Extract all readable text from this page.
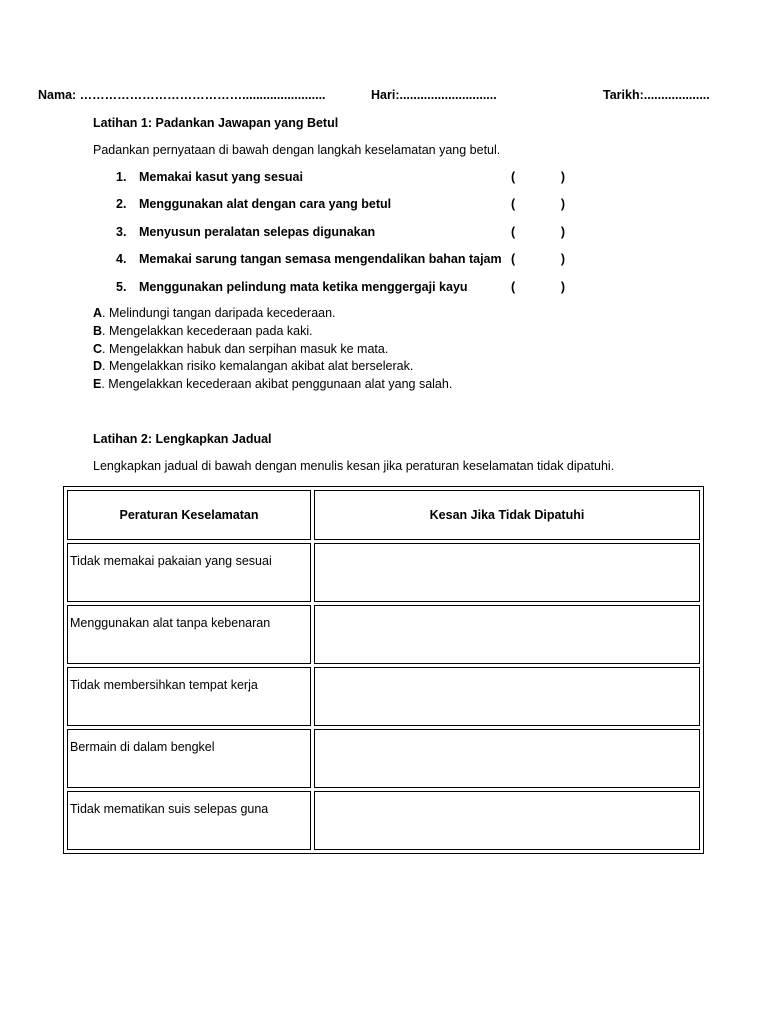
Nama: …………………………………........................	Hari:............................	Tarikh:...................
Latihan 1: Padankan Jawapan yang Betul
Padankan pernyataan di bawah dengan langkah keselamatan yang betul.
1. Memakai kasut yang sesuai	(	)
2. Menggunakan alat dengan cara yang betul	(	)
3. Menyusun peralatan selepas digunakan	(	)
4. Memakai sarung tangan semasa mengendalikan bahan tajam (	)
5. Menggunakan pelindung mata ketika menggergaji kayu	(	)
A. Melindungi tangan daripada kecederaan.
B. Mengelakkan kecederaan pada kaki.
C. Mengelakkan habuk dan serpihan masuk ke mata.
D. Mengelakkan risiko kemalangan akibat alat berselerak.
E. Mengelakkan kecederaan akibat penggunaan alat yang salah.
Latihan 2: Lengkapkan Jadual
Lengkapkan jadual di bawah dengan menulis kesan jika peraturan keselamatan tidak dipatuhi.
Peraturan Keselamatan	Kesan Jika Tidak Dipatuhi
Tidak memakai pakaian yang sesuai	
Menggunakan alat tanpa kebenaran	
Tidak membersihkan tempat kerja	
Bermain di dalam bengkel	
Tidak mematikan suis selepas guna	
